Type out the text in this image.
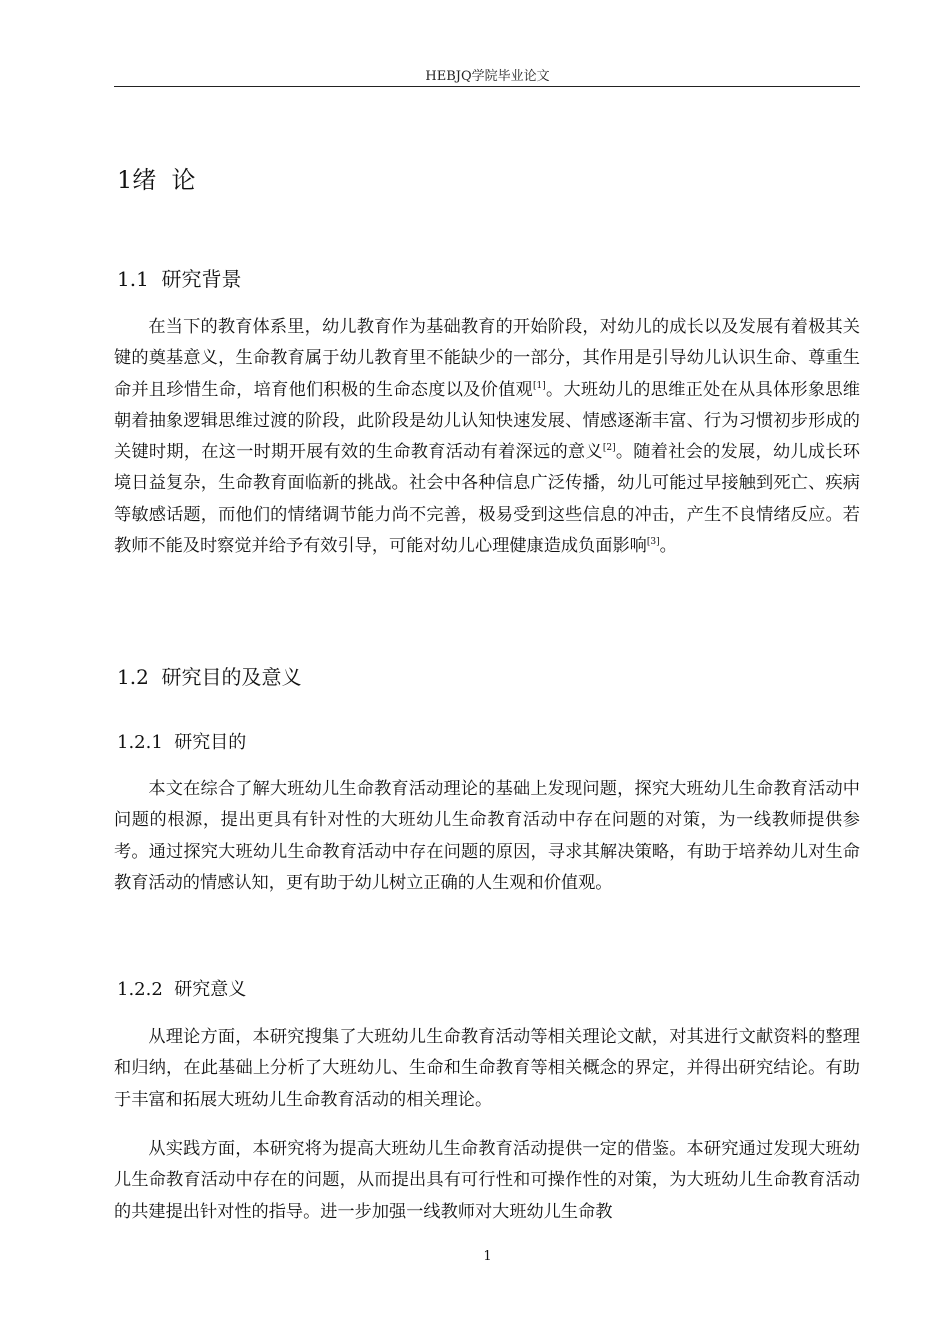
HEBJQ学院毕业论文
1绪  论
1.1  研究背景

在当下的教育体系里，幼儿教育作为基础教育的开始阶段，对幼儿的成长以及发展有着极其关键的奠基意义，生命教育属于幼儿教育里不能缺少的一部分，其作用是引导幼儿认识生命、尊重生命并且珍惜生命，培育他们积极的生命态度以及价值观[1]。大班幼儿的思维正处在从具体形象思维朝着抽象逻辑思维过渡的阶段，此阶段是幼儿认知快速发展、情感逐渐丰富、行为习惯初步形成的关键时期，在这一时期开展有效的生命教育活动有着深远的意义[2]。随着社会的发展，幼儿成长环境日益复杂，生命教育面临新的挑战。社会中各种信息广泛传播，幼儿可能过早接触到死亡、疾病等敏感话题，而他们的情绪调节能力尚不完善，极易受到这些信息的冲击，产生不良情绪反应。若教师不能及时察觉并给予有效引导，可能对幼儿心理健康造成负面影响[3]。

1.2  研究目的及意义
1.2.1  研究目的

本文在综合了解大班幼儿生命教育活动理论的基础上发现问题，探究大班幼儿生命教育活动中问题的根源，提出更具有针对性的大班幼儿生命教育活动中存在问题的对策，为一线教师提供参考。通过探究大班幼儿生命教育活动中存在问题的原因，寻求其解决策略，有助于培养幼儿对生命教育活动的情感认知，更有助于幼儿树立正确的人生观和价值观。

1.2.2  研究意义

从理论方面，本研究搜集了大班幼儿生命教育活动等相关理论文献，对其进行文献资料的整理和归纳，在此基础上分析了大班幼儿、生命和生命教育等相关概念的界定，并得出研究结论。有助于丰富和拓展大班幼儿生命教育活动的相关理论。

从实践方面，本研究将为提高大班幼儿生命教育活动提供一定的借鉴。本研究通过发现大班幼儿生命教育活动中存在的问题，从而提出具有可行性和可操作性的对策，为大班幼儿生命教育活动的共建提出针对性的指导。进一步加强一线教师对大班幼儿生命教

1
